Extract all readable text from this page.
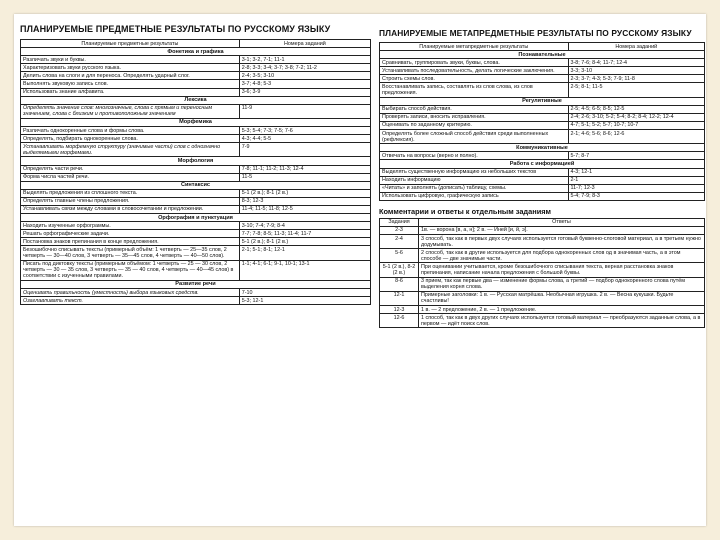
ПЛАНИРУЕМЫЕ ПРЕДМЕТНЫЕ РЕЗУЛЬТАТЫ ПО РУССКОМУ ЯЗЫКУ
Планируемые предметные результаты	Номера заданий
Фонетика и графика	
Различать звуки и буквы.	3-1; 3-2, 7-1; 11-1
Характеризовать звуки русского языка.	2-8; 3-3; 3-4; 3-7; 3-8; 7-2; 11-2
Делить слова на слоги и для переноса. Определять ударный слог.	2-4; 3-5; 3-10
Выполнять звуковую запись слов.	3-7; 4-8; 5-3
Использовать знание алфавита.	3-6; 3-9
Лексика	
Определять значение слов: многозначные, слова с прямым и переносным значением, слова с близким и противоположным значением	11-9
Морфемика	
Различать однокоренные слова и формы слова.	5-3; 5-4; 7-3; 7-5; 7-6
Определять, подбирать однокоренные слова.	4-3; 4-4; 5-5
Устанавливать морфемную структуру (значимые части) слов с однозначно выделяемыми морфемами.	7-9
Морфология	
Определять части речи.	7-8; 11-1; 11-2; 11-3; 12-4
Форма числа частей речи.	11-5
Синтаксис	
Выделять предложения из сплошного текста.	5-1 (2 в.); 8-1 (2 в.)
Определять главные члены предложения.	8-3; 12-3
Устанавливать связи между словами в словосочетании и предложении.	11-4; 11-5; 11-8; 12-5
Орфография и пунктуация	
Находить изученные орфограммы.	3-10; 7-4; 7-9; 8-4
Решать орфографические задачи.	7-7; 7-8; 8-5; 11-3; 11-4; 11-7
Постановка знаков препинания в конце предложения.	5-1 (2 в.); 8-1 (2 в.)
Безошибочно списывать тексты (примерный объём: 1 четверть — 25—35 слов, 2 четверть — 30—40 слов, 3 четверть — 35—45 слов, 4 четверть — 40—50 слов).	2-1; 5-1; 8-1; 12-1
Писать под диктовку тексты (примерным объёмом: 1 четверть — 25 — 30 слов, 2 четверть — 30 — 35 слов, 3 четверть — 35 — 40 слов, 4 четверть — 40—45 слов) в соответствии с изученными правилами.	1-1; 4-1; 6-1; 9-1, 10-1; 13-1
Развитие речи	
Оценивать правильность (уместность) выбора языковых средств.	7-10
Озаглавливать текст.	5-3; 12-1
ПЛАНИРУЕМЫЕ МЕТАПРЕДМЕТНЫЕ РЕЗУЛЬТАТЫ ПО РУССКОМУ ЯЗЫКУ
Планируемые метапредметные результаты	Номера заданий
Познавательные	
Сравнивать, группировать звуки, буквы, слова.	3-8; 7-6; 8-4; 11-7; 12-4
Устанавливать последовательность, делать логические заключения.	3-3; 3-10
Строить схемы слов.	2-3; 3-7; 4-3; 5-3; 7-9; 11-8
Восстанавливать запись, составлять из слов слова, из слов предложения.	2-5; 8-1; 11-5
Регулятивные	
Выбирать способ действия.	2-5; 4-5; 6-5; 8-5; 12-5
Проверять записи, вносить исправления.	2-4; 2-6; 3-10; 5-2; 5-4; 8-2; 8-4; 12-2; 12-4
Оценивать по заданному критерию.	4-7; 5-1; 5-2; 5-7; 10-7; 10-7
Определять более сложный способ действия среди выполненных (рефлексия).	2-1; 4-6; 5-6; 8-6; 12-6
Коммуникативные	
Отвечать на вопросы (верно и полно).	5-7; 8-7
Работа с информацией	
Выделять существенную информацию из небольших текстов	4-3; 12-1
Находить информацию	2-1
«Читать» и заполнять (дописать) таблицу, схемы.	11-7; 12-3
Использовать цифровую, графическую запись	5-4; 7-9; 8-3
Комментарии и ответы к отдельным заданиям
Задания	Ответы
2-3	1в. — ворона [в, а, н]; 2 в. — Иней [и, й, э].
2-4	3 способ, так как в первых двух случаях используется готовый буквенно-слоговой материал, а в третьем нужно додумывать.
5-6	2 способ, так как в другие используется для подбора однокоренных слов од в значимая часть, а в этом способе — две значимые части.
5-1 (2 в.), 8-2 (2 в.)	При оценивании учитывается, кроме безошибочного списывания текста, верная расстановка знаков препинания, написание начала предложения с большой буквы.
8-6	3 прием, так как первые два — изменение формы слова, а третий — подбор однокоренного слова путём выделения корня слова.
12-1	Примерные заголовки: 1 в. — Русская матрёшка. Необычная игрушка. 2 в. — Весна кукушки. Будьте счастливы!
12-3	1 в. — 2 предложение, 2 в. — 1 предложение.
12-6	1 способ, так как в двух других случаях используется готовый материал — преобразуются заданные слова, а в первом — идёт поиск слов.
